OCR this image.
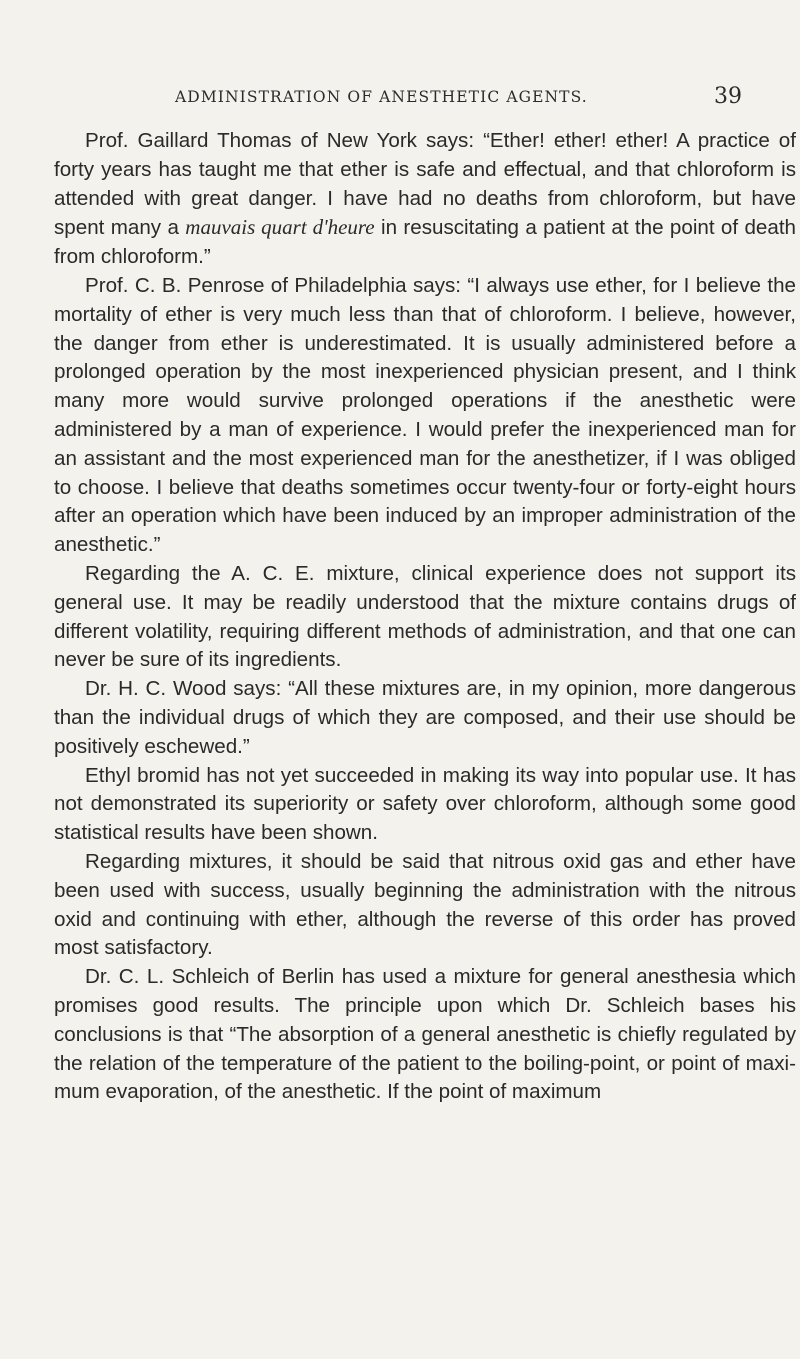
ADMINISTRATION OF ANESTHETIC AGENTS.	39

Prof. Gaillard Thomas of New York says: “Ether! ether! ether! A practice of forty years has taught me that ether is safe and effectual, and that chloroform is attended with great danger. I have had no deaths from chloroform, but have spent many a mauvais quart d'heure in resuscitating a patient at the point of death from chloroform.”

Prof. C. B. Penrose of Philadelphia says: “I always use ether, for I believe the mortality of ether is very much less than that of chloroform. I believe, however, the danger from ether is underestimated. It is usually administered before a prolonged operation by the most inexperienced physician present, and I think many more would survive prolonged operations if the anesthetic were administered by a man of experience. I would prefer the inexperienced man for an assistant and the most experienced man for the anesthetizer, if I was obliged to choose. I believe that deaths sometimes occur twenty-four or forty-eight hours after an operation which have been induced by an improper administration of the anesthetic.”

Regarding the A. C. E. mixture, clinical experience does not support its general use. It may be readily understood that the mixture contains drugs of different volatility, requiring different methods of administration, and that one can never be sure of its ingredients.

Dr. H. C. Wood says: “All these mixtures are, in my opinion, more dangerous than the individual drugs of which they are composed, and their use should be positively eschewed.”

Ethyl bromid has not yet succeeded in making its way into popular use. It has not demonstrated its superiority or safety over chloroform, although some good statistical results have been shown.

Regarding mixtures, it should be said that nitrous oxid gas and ether have been used with success, usually beginning the administration with the nitrous oxid and continuing with ether, although the reverse of this order has proved most satisfactory.

Dr. C. L. Schleich of Berlin has used a mixture for general anesthesia which promises good results. The principle upon which Dr. Schleich bases his conclusions is that “The absorption of a general anesthetic is chiefly regulated by the relation of the temperature of the patient to the boiling-point, or point of maximum evaporation, of the anesthetic. If the point of maximum
